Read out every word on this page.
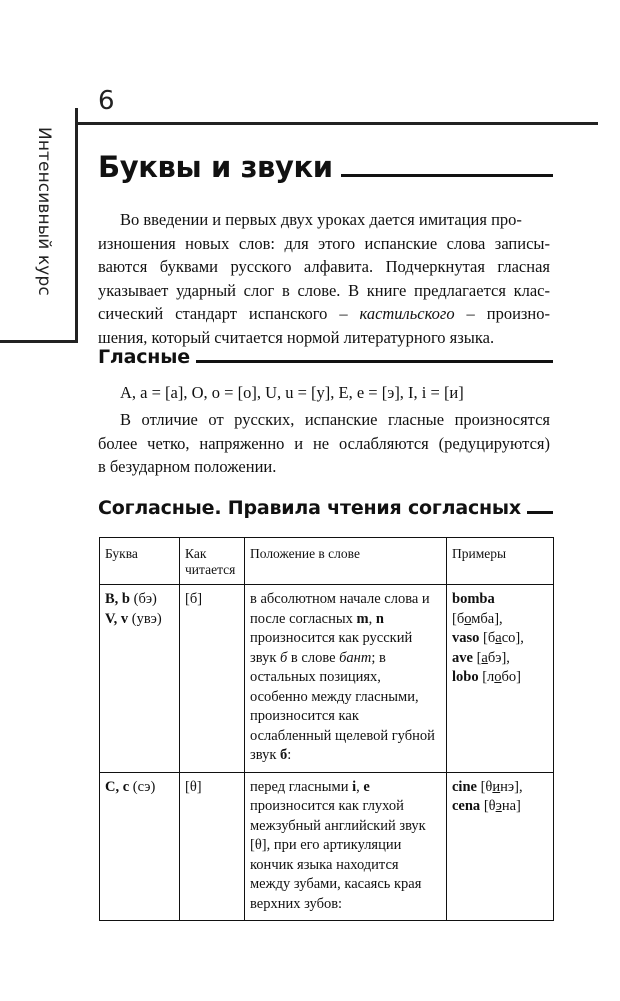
6
Интенсивный курс Буквы и звуки

Во введении и первых двух уроках дается имитация про-

изношения новых слов: для этого испанские слова записы-
ваются буквами русского алфавита. Подчеркнутая гласная
указывает ударный слог в слове. В книге предлагается клас-
сический стандарт испанского – кастильского – произно-
шения, который считается нормой литературного языка.
Гласные
A, a = [а], O, o = [о], U, u = [у], E, e = [э], I, i = [и]

В отличие от русских, испанские гласные произносятся

более четко, напряженно и не ослабляются (редуцируются)
в безударном положении.
Согласные. Правила чтения согласных
Буква	Как читается	Положение в слове	Примеры
B, b (бэ)
V, v (увэ)	[б]	в абсолютном начале слова и после согласных m, n произносится как русский звук б в слове бант; в остальных позициях, особенно между гласными, произносится как ослабленный щелевой губной звук б:	bomba
[бомба],
vaso [басо],
ave [абэ],
lobo [лобо]
C, c (сэ)	[θ]	перед гласными i, e произносится как глухой межзубный английский звук [θ], при его артикуляции кончик языка находится между зубами, касаясь края верхних зубов:	cine [θинэ],
cena [θэна]
